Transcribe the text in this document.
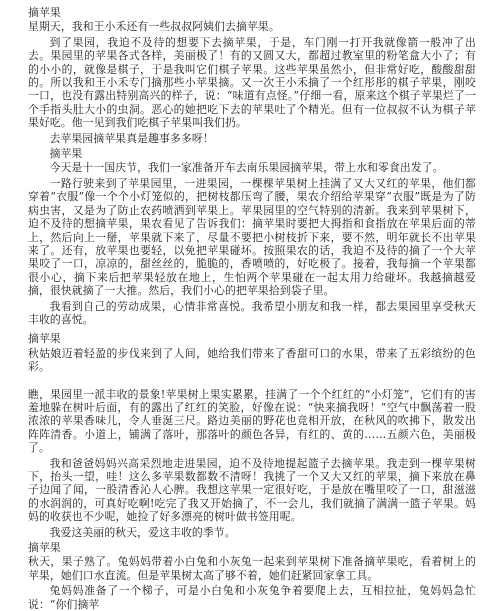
摘苹果

星期天，我和王小禾还有一些叔叔阿姨们去摘苹果。

到了果园，我迫不及待的想要下去摘苹果，于是，车门刚一打开我就像箭一般冲了出去。果园里的苹果各式各样，美丽极了！有的又圆又大，都超过教室里的粉笔盒大小了；有的小小的，就像是棋子，于是我叫它们棋子苹果。这些苹果虽然小，但非常好吃，酸酸甜甜的。所以我和王小禾专门摘那些小苹果摘。又一次王小禾摘了一个红彤彤的棋子苹果，刚咬一口，也没有露出特别高兴的样子，说：“味道有点怪。”仔细一看，原来这个棋子苹果烂了一个手指头肚大小的虫洞。恶心的她把吃下去的苹果吐了个精光。但有一位叔叔不认为棋子苹果好吃。他一见到我们吃棋子苹果叫我们扔。

去苹果园摘苹果真是趣事多多呀！

摘苹果

今天是十一国庆节，我们一家准备开车去南乐果园摘苹果，带上水和零食出发了。

一路行驶来到了苹果园里，一进果园，一棵棵苹果树上挂满了又大又红的苹果，他们都穿着“衣服”像一个个小灯笼似的，把树枝都压弯了腰，果农介绍给苹果穿“衣服”既是为了防病虫害，又是为了防止农药喷洒到苹果上。苹果园里的空气特别的清新。我来到苹果树下，迫不及待的想摘苹果，果农看见了告诉我们：摘苹果时要把大拇指和食指放在苹果后面的蒂上，然后向上一掰，苹果就下来了，尽量不要把小树枝折下来，要不然，明年就长不出苹果来了。还有，放苹果也要轻，以免把苹果碰坏。按照果农的话，我迫不及待的摘了一个大苹果咬了一口，凉凉的，甜丝丝的，脆脆的，香喷喷的，好吃极了。接着，我每摘一个苹果都很小心，摘下来后把苹果轻放在地上，生怕两个苹果碰在一起太用力给碰坏。我越摘越爱摘，很快就摘了一大推。然后，我们小心的把苹果拾到袋子里。

我看到自己的劳动成果，心情非常喜悦。我希望小朋友和我一样，都去果园里享受秋天丰收的喜悦。

摘苹果

秋姑娘迈着轻盈的步伐来到了人间，她给我们带来了香甜可口的水果，带来了五彩缤纷的色彩。

瞧，果园里一派丰收的景象!苹果树上果实累累，挂满了一个个红红的“小灯笼”，它们有的害羞地躲在树叶后面，有的露出了红红的笑脸，好像在说：“快来摘我呀！”空气中飘荡着一股浓浓的苹果香味儿，令人垂涎三尺。路边美丽的野花也竞相开放，在秋风的吹拂下，散发出阵阵清香。小道上，铺满了落叶，那落叶的颜色各异，有红的、黄的……五颜六色，美丽极了。

我和爸爸妈妈兴高采烈地走进果园，迫不及待地提起篮子去摘苹果。我走到一棵苹果树下，抬头一望，哇！这么多苹果数都数不清呀！我挑了一个又大又红的苹果，摘下来放在鼻子边闻了闻，一股清香沁人心脾。我想这苹果一定很好吃，于是放在嘴里咬了一口，甜滋滋的水润润的，可真好吃啊!吃完了我又开始摘了，不一会儿，我们就摘了满满一篮子苹果。妈妈的收获也不少呢，她捡了好多漂亮的树叶做书签用呢。

我爱这美丽的秋天，爱这丰收的季节。

摘苹果

秋天，果子熟了。兔妈妈带着小白兔和小灰兔一起来到苹果树下准备摘苹果吃，看着树上的苹果，她们口水直流。但是苹果树太高了够不着，她们赶紧回家拿工具。

兔妈妈准备了一个梯子，可是小白兔和小灰兔争着要爬上去，互相拉扯，兔妈妈急忙说：“你们摘苹
